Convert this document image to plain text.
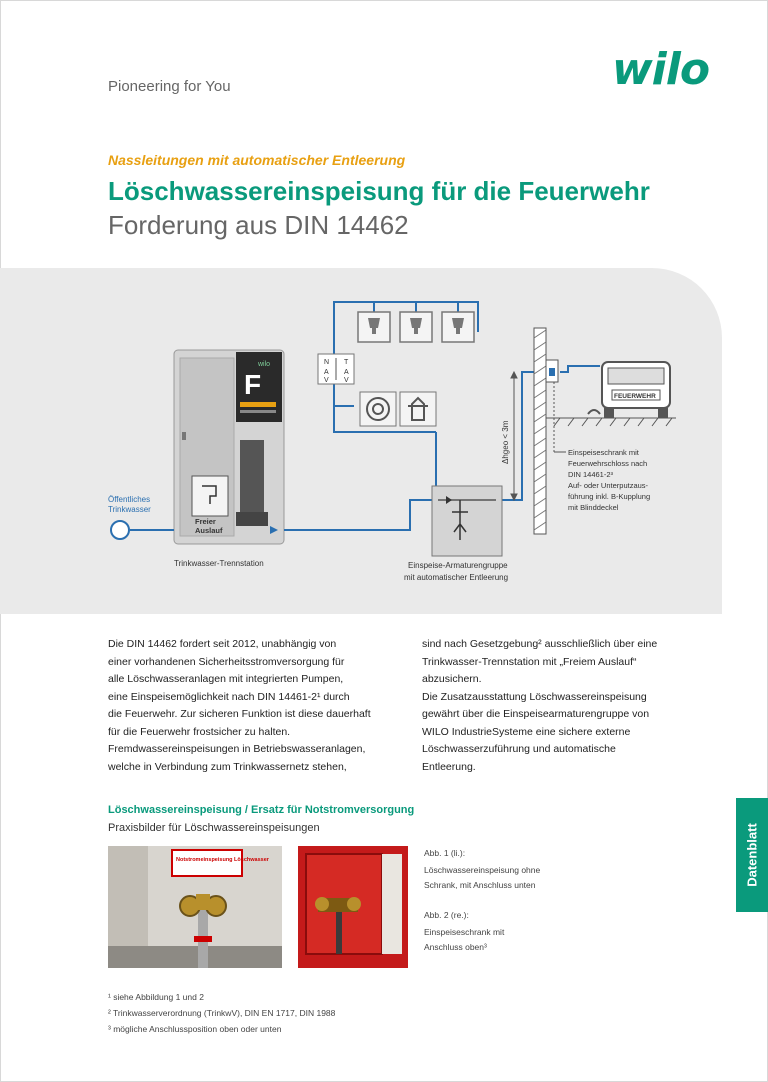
Pioneering for You	wilo
Nassleitungen mit automatischer Entleerung
Löschwassereinspeisung für die Feuerwehr
Forderung aus DIN 14462
N
A
V
T
A
V
F
wilo
Freier
Auslauf
Δhgeo < 3m
FEUERWEHR
Öffentliches
Trinkwasser
Trinkwasser-Trennstation	Einspeise-Armaturengruppe
mit automatischer Entleerung
Einspeiseschrank mit
Feuerwehrschloss nach
DIN 14461-2³
Auf- oder Unterputzaus-
führung inkl. B-Kupplung
mit Blinddeckel
Die DIN 14462 fordert seit 2012, unabhängig von
einer vorhandenen Sicherheitsstromversorgung für
alle Löschwasseranlagen mit integrierten Pumpen,
eine Einspeisemöglichkeit nach DIN 14461-2¹ durch
die Feuerwehr. Zur sicheren Funktion ist diese dauerhaft
für die Feuerwehr frostsicher zu halten.
Fremdwassereinspeisungen in Betriebswasseranlagen,
welche in Verbindung zum Trinkwassernetz stehen,
sind nach Gesetzgebung² ausschließlich über eine
Trinkwasser-Trennstation mit „Freiem Auslauf“
abzusichern.
Die Zusatzausstattung Löschwassereinspeisung
gewährt über die Einspeisearmaturengruppe von
WILO IndustrieSysteme eine sichere externe
Löschwasserzuführung und automatische
Entleerung.
Löschwassereinspeisung / Ersatz für Notstromversorgung
Praxisbilder für Löschwassereinspeisungen
Notstromeinspeisung Löschwasser
Abb. 1 (li.):
Löschwassereinspeisung ohne
Schrank, mit Anschluss unten
Abb. 2 (re.):
Einspeiseschrank mit
Anschluss oben³
¹ siehe Abbildung 1 und 2
² Trinkwasserverordnung (TrinkwV), DIN EN 1717, DIN 1988
³ mögliche Anschlussposition oben oder unten
Datenblatt
